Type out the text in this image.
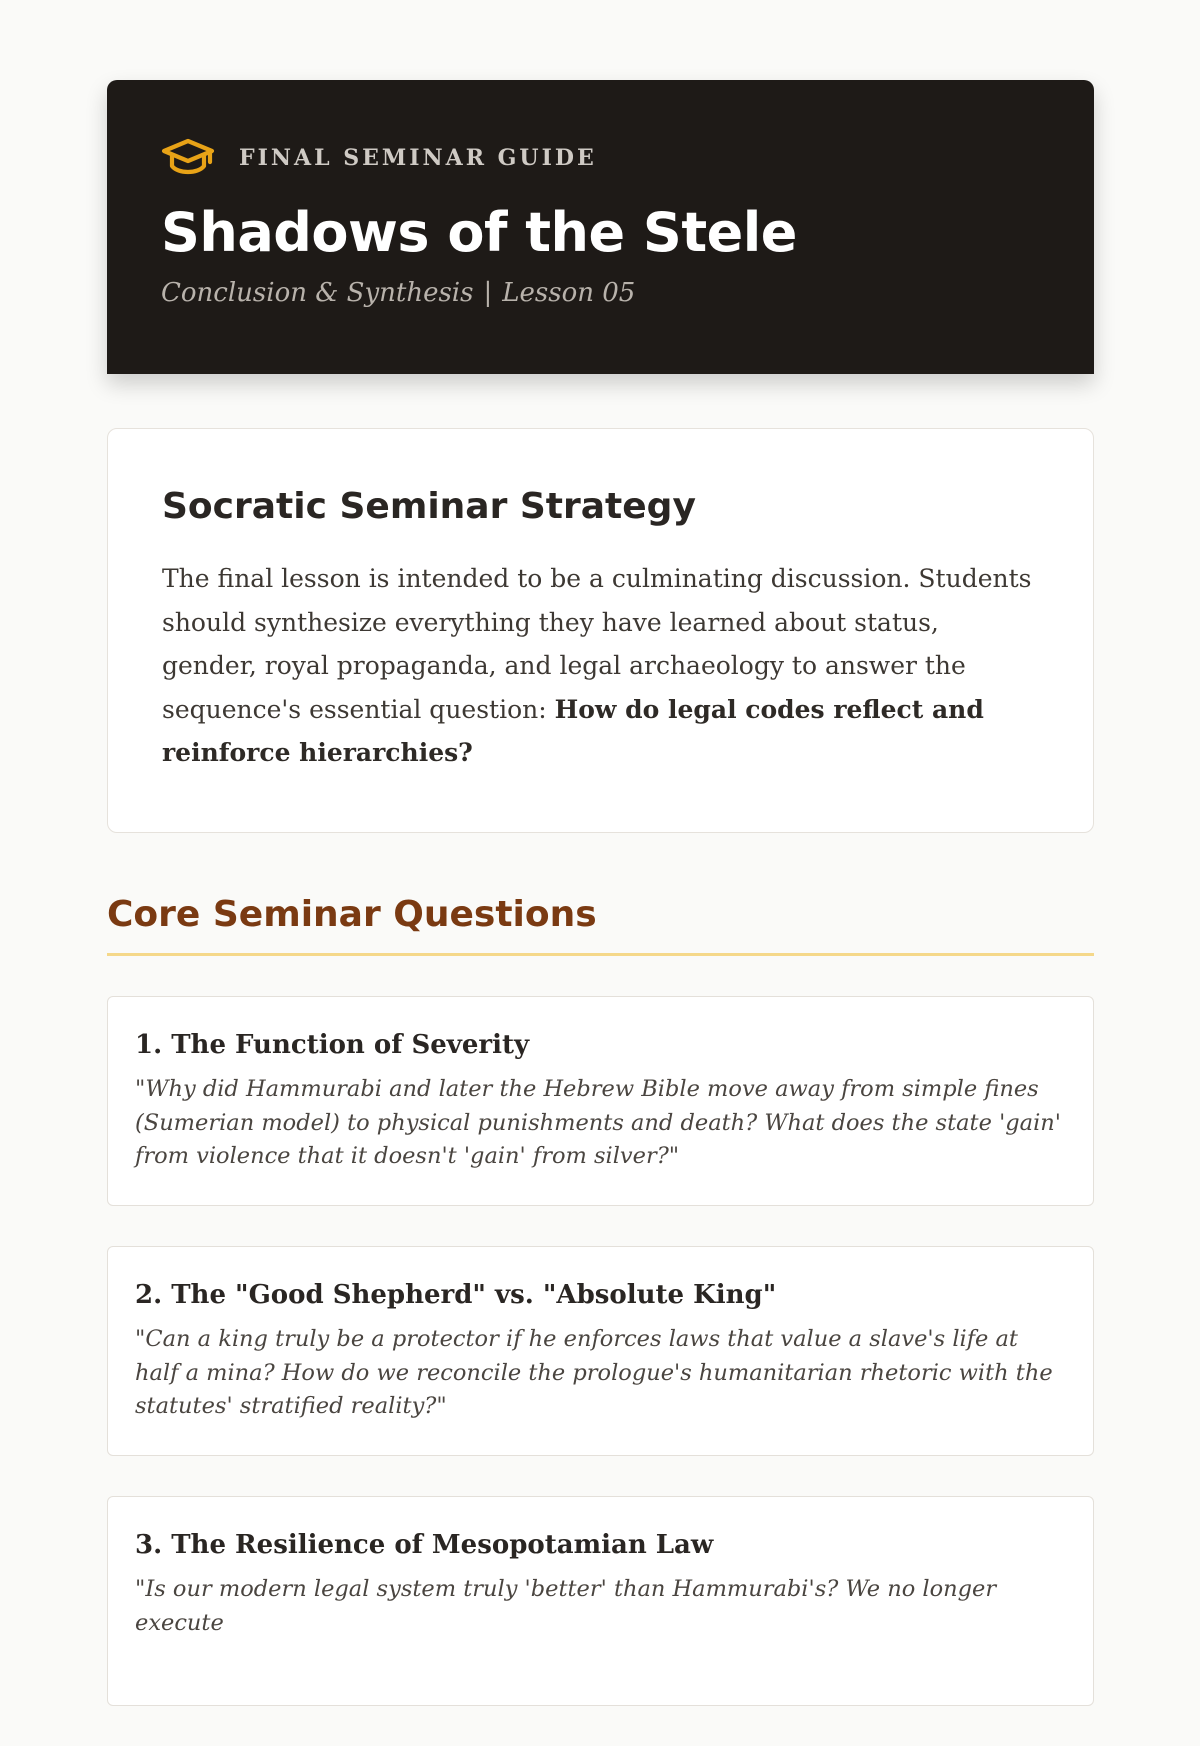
FINAL SEMINAR GUIDE
Shadows of the Stele
Conclusion & Synthesis | Lesson 05
Socratic Seminar Strategy

The final lesson is intended to be a culminating discussion. Students should synthesize everything they have learned about status, gender, royal propaganda, and legal archaeology to answer the sequence's essential question: How do legal codes reflect and reinforce hierarchies?

Core Seminar Questions
1. The Function of Severity
"Why did Hammurabi and later the Hebrew Bible move away from simple fines (Sumerian model) to physical punishments and death? What does the state 'gain' from violence that it doesn't 'gain' from silver?"
2. The "Good Shepherd" vs. "Absolute King"
"Can a king truly be a protector if he enforces laws that value a slave's life at half a mina? How do we reconcile the prologue's humanitarian rhetoric with the statutes' stratified reality?"
3. The Resilience of Mesopotamian Law
"Is our modern legal system truly 'better' than Hammurabi's? We no longer execute
